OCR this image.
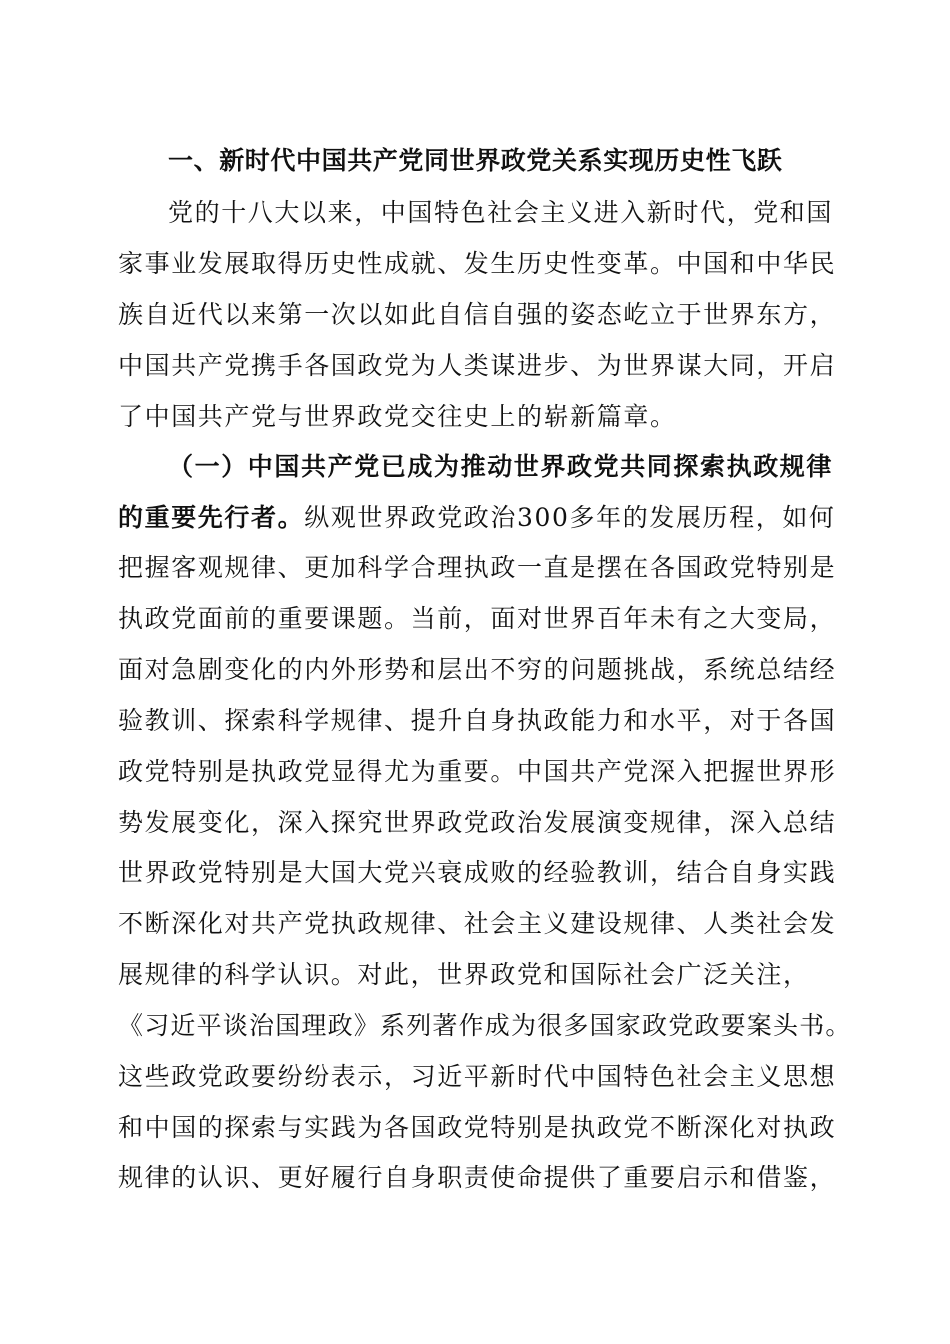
一、新时代中国共产党同世界政党关系实现历史性飞跃
党的十八大以来，中国特色社会主义进入新时代，党和国
家事业发展取得历史性成就、发生历史性变革。中国和中华民
族自近代以来第一次以如此自信自强的姿态屹立于世界东方，
中国共产党携手各国政党为人类谋进步、为世界谋大同，开启
了中国共产党与世界政党交往史上的崭新篇章。
（一）中国共产党已成为推动世界政党共同探索执政规律
的重要先行者。纵观世界政党政治300多年的发展历程，如何
把握客观规律、更加科学合理执政一直是摆在各国政党特别是
执政党面前的重要课题。当前，面对世界百年未有之大变局，
面对急剧变化的内外形势和层出不穷的问题挑战，系统总结经
验教训、探索科学规律、提升自身执政能力和水平，对于各国
政党特别是执政党显得尤为重要。中国共产党深入把握世界形
势发展变化，深入探究世界政党政治发展演变规律，深入总结
世界政党特别是大国大党兴衰成败的经验教训，结合自身实践
不断深化对共产党执政规律、社会主义建设规律、人类社会发
展规律的科学认识。对此，世界政党和国际社会广泛关注，
《习近平谈治国理政》系列著作成为很多国家政党政要案头书。
这些政党政要纷纷表示，习近平新时代中国特色社会主义思想
和中国的探索与实践为各国政党特别是执政党不断深化对执政
规律的认识、更好履行自身职责使命提供了重要启示和借鉴，
